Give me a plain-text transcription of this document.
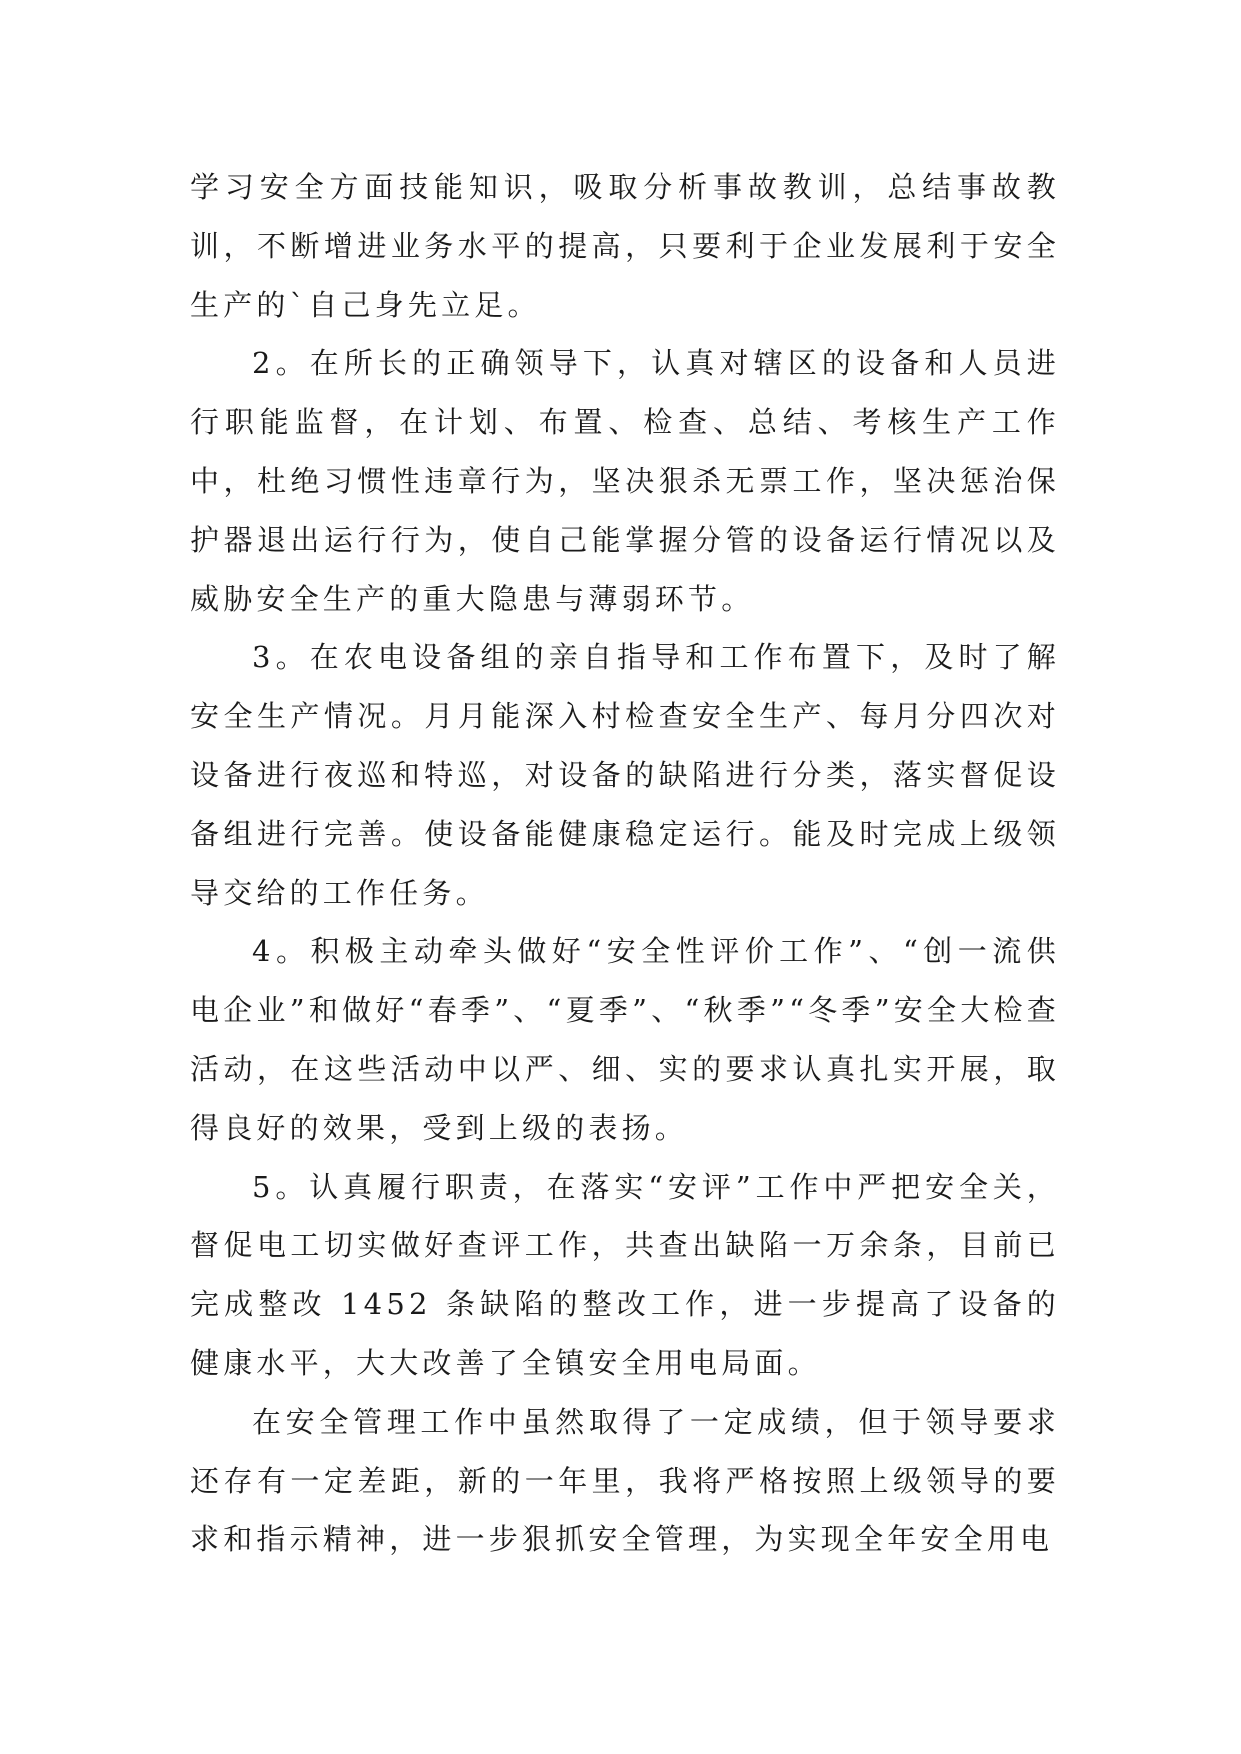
学习安全方面技能知识，吸取分析事故教训，总结事故教训，不断增进业务水平的提高，只要利于企业发展利于安全生产的`自己身先立足。

2。在所长的正确领导下，认真对辖区的设备和人员进行职能监督，在计划、布置、检查、总结、考核生产工作中，杜绝习惯性违章行为，坚决狠杀无票工作，坚决惩治保护器退出运行行为，使自己能掌握分管的设备运行情况以及威胁安全生产的重大隐患与薄弱环节。

3。在农电设备组的亲自指导和工作布置下，及时了解安全生产情况。月月能深入村检查安全生产、每月分四次对设备进行夜巡和特巡，对设备的缺陷进行分类，落实督促设备组进行完善。使设备能健康稳定运行。能及时完成上级领导交给的工作任务。

4。积极主动牵头做好“安全性评价工作”、“创一流供电企业”和做好“春季”、“夏季”、“秋季”“冬季”安全大检查活动，在这些活动中以严、细、实的要求认真扎实开展，取得良好的效果，受到上级的表扬。

5。认真履行职责，在落实“安评”工作中严把安全关，督促电工切实做好查评工作，共查出缺陷一万余条，目前已完成整改 1452 条缺陷的整改工作，进一步提高了设备的健康水平，大大改善了全镇安全用电局面。

在安全管理工作中虽然取得了一定成绩，但于领导要求还存有一定差距，新的一年里，我将严格按照上级领导的要求和指示精神，进一步狠抓安全管理，为实现全年安全用电
